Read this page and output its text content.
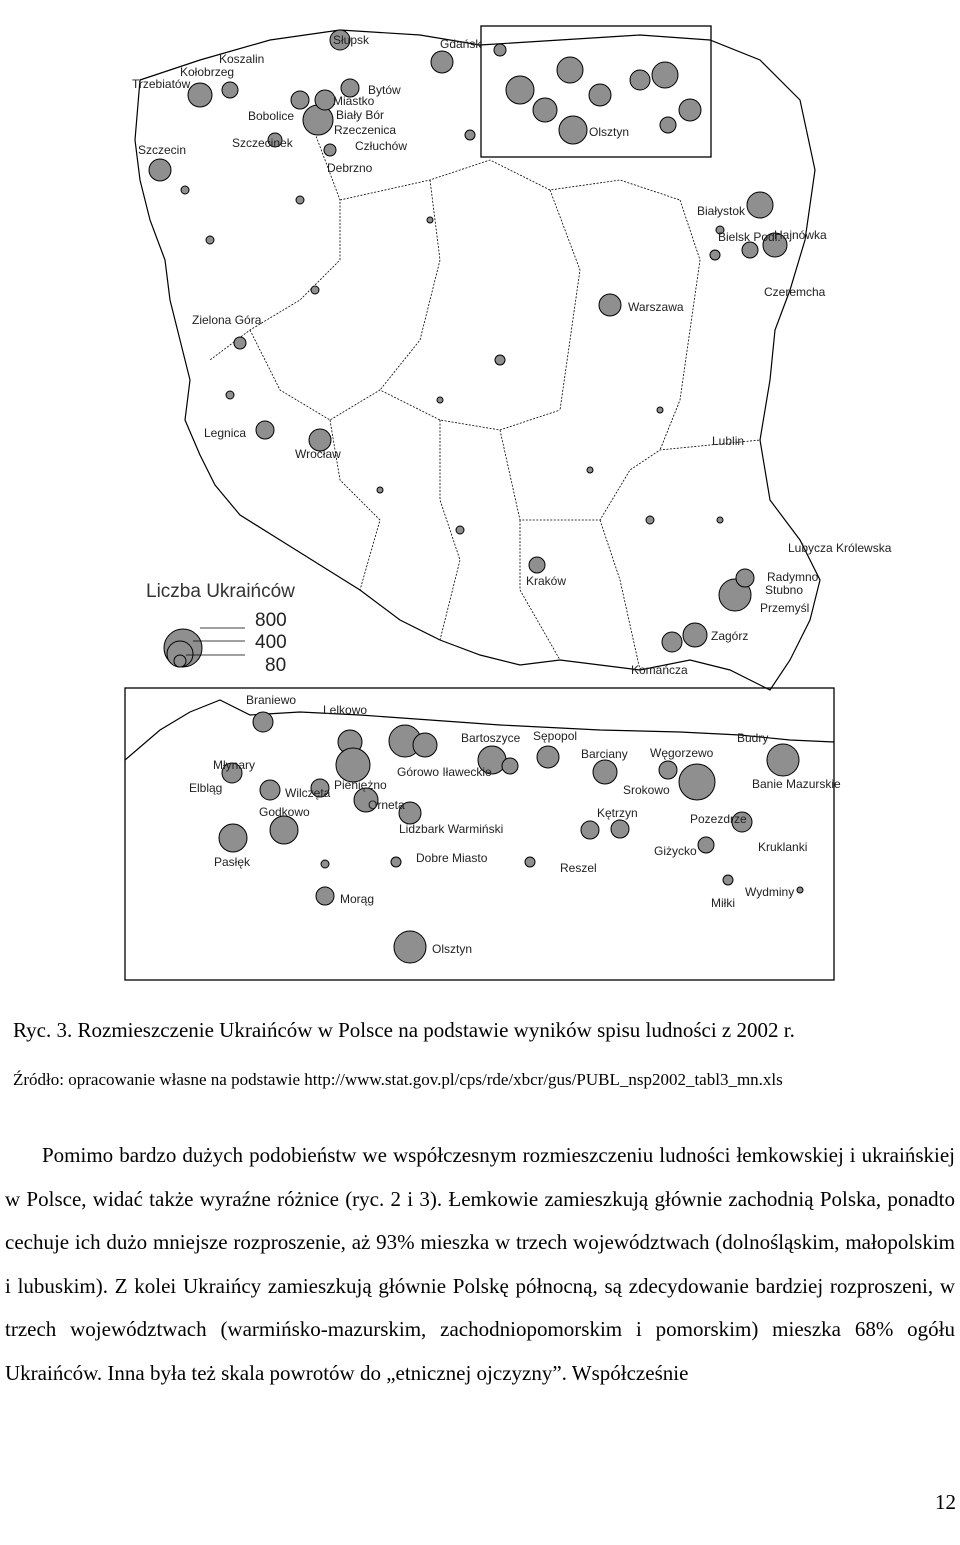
Słupsk
Koszalin
Kołobrzeg
Trzebiatów	Bytów
Gdańsk
Miastko
Bobolice	Biały Bór
Rzeczenica
Szczecinek
Szczecin	Człuchów
Debrzno
Olsztyn
Białystok
Bielsk Podl.
Hajnówka
Czeremcha
Warszawa
Zielona Góra
Legnica
Wrocław
Lublin
Lubycza Królewska
Radymno
Stubno
Przemyśl
Kraków
Zagórz
Komańcza
Liczba Ukraińców
800
400
80
Braniewo
Lelkowo
Bartoszyce Sępopol	Budry
Barciany Węgorzewo
Młynary	Górowo Iławeckie
Elbląg	Pieniężno
Wilczęta	Srokowo	Banie Mazurskie
Orneta
Godkowo	Kętrzyn	Pozezdrze
Lidzbark Warmiński
Giżycko	Kruklanki
Dobre Miasto
Pasłęk	Reszel
Wydminy
Morąg	Miłki
Olsztyn
Ryc. 3. Rozmieszczenie Ukraińców w Polsce na podstawie wyników spisu ludności z 2002 r.
Źródło: opracowanie własne na podstawie http://www.stat.gov.pl/cps/rde/xbcr/gus/PUBL_nsp2002_tabl3_mn.xls
Pomimo bardzo dużych podobieństw we współczesnym rozmieszczeniu ludności łemkowskiej i ukraińskiej w Polsce, widać także wyraźne różnice (ryc. 2 i 3). Łemkowie zamieszkują głównie zachodnią Polska, ponadto cechuje ich dużo mniejsze rozproszenie, aż 93% mieszka w trzech województwach (dolnośląskim, małopolskim i lubuskim). Z kolei Ukraińcy zamieszkują głównie Polskę północną, są zdecydowanie bardziej rozproszeni, w trzech województwach (warmińsko-mazurskim, zachodniopomorskim i pomorskim) mieszka 68% ogółu Ukraińców. Inna była też skala powrotów do „etnicznej ojczyzny”. Współcześnie
12
